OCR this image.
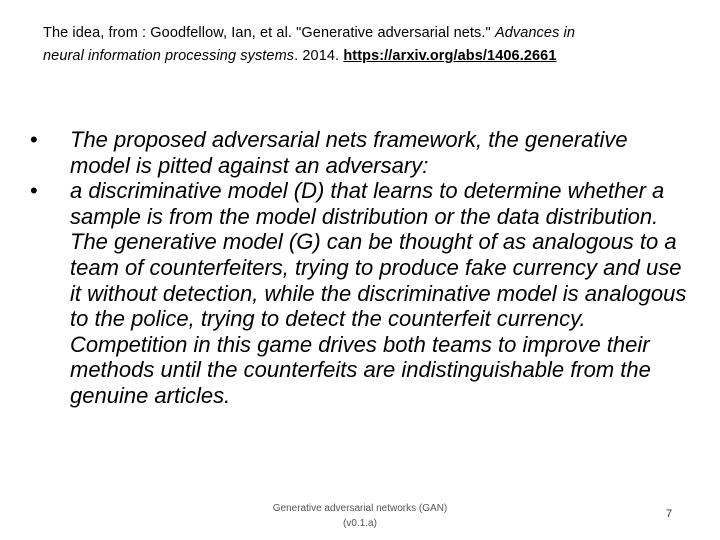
The idea, from : Goodfellow, Ian, et al. "Generative adversarial nets." Advances in
neural information processing systems. 2014. https://arxiv.org/abs/1406.2661
•	The proposed adversarial nets framework, the generative model is pitted against an adversary:
•	a discriminative model (D) that learns to determine whether a sample is from the model distribution or the data distribution. The generative model (G) can be thought of as analogous to a team of counterfeiters, trying to produce fake currency and use it without detection, while the discriminative model is analogous to the police, trying to detect the counterfeit currency. Competition in this game drives both teams to improve their methods until the counterfeits are indistinguishable from the genuine articles.
Generative adversarial networks (GAN)
(v0.1.a)
7
